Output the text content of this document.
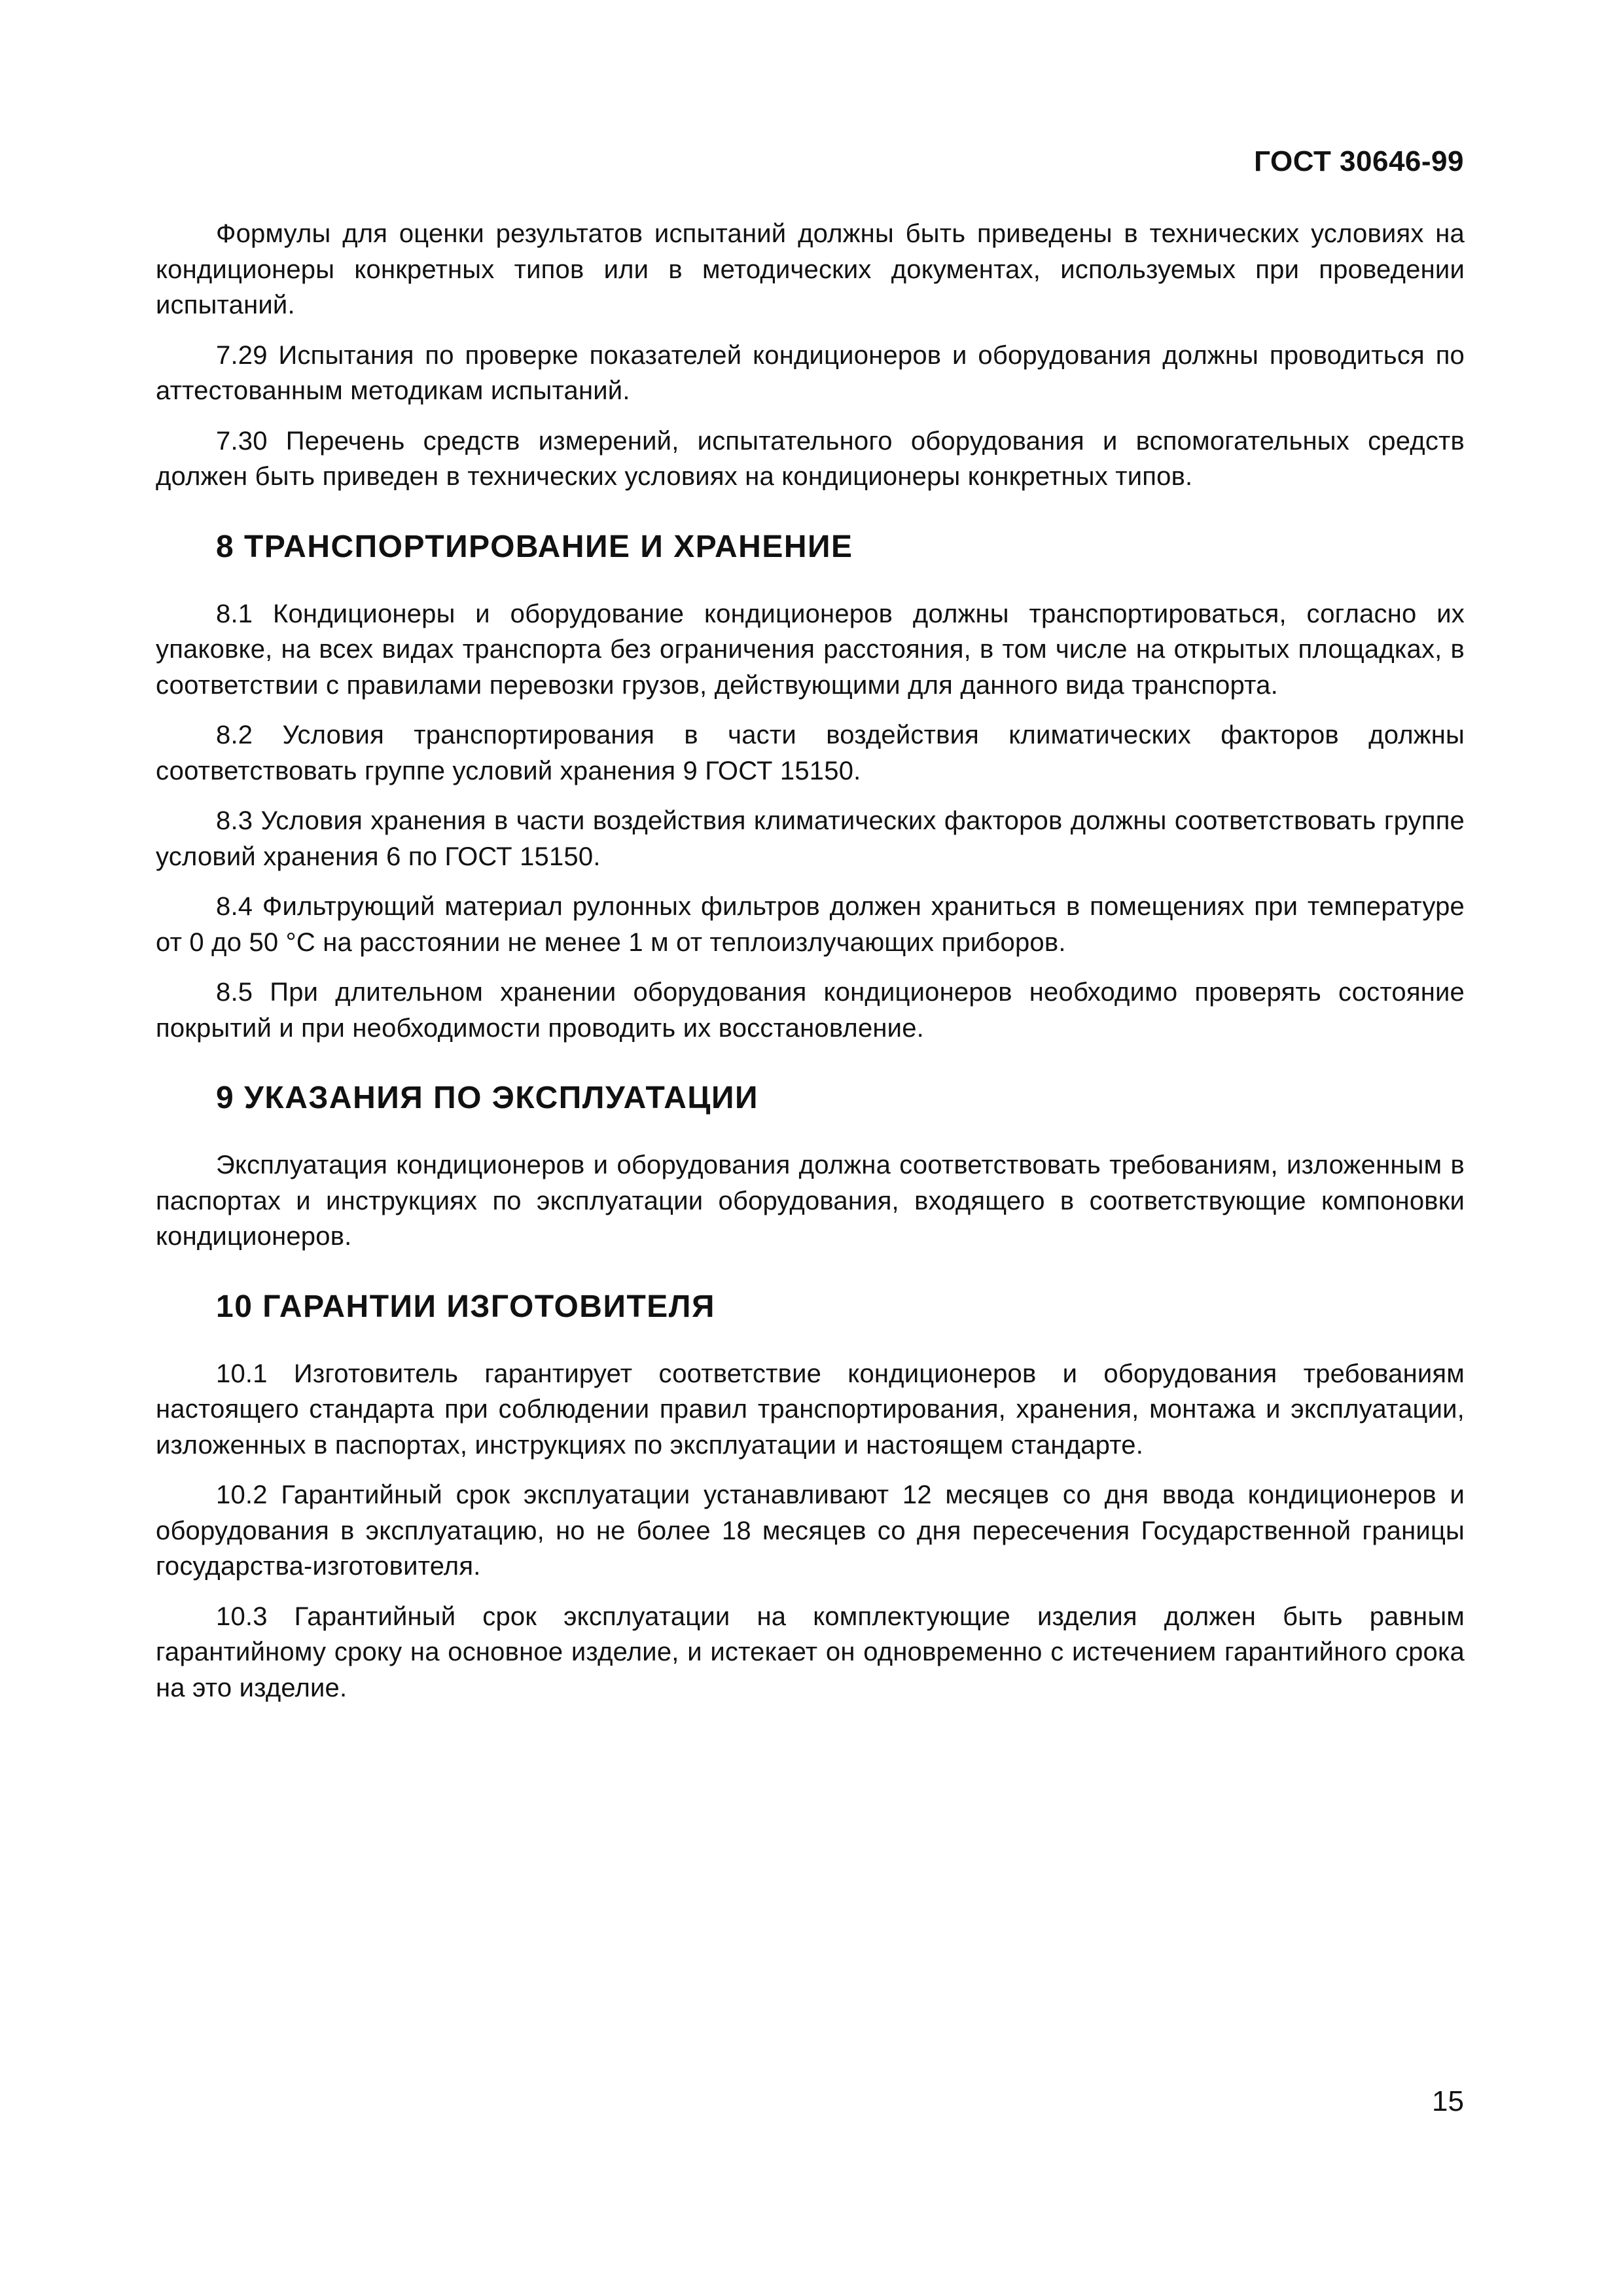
ГОСТ 30646-99

Формулы для оценки результатов испытаний должны быть приведены в технических условиях на кондиционеры конкретных типов или в методических документах, используемых при проведении испытаний.

7.29 Испытания по проверке показателей кондиционеров и оборудования должны проводиться по аттестованным методикам испытаний.

7.30 Перечень средств измерений, испытательного оборудования и вспомогательных средств должен быть приведен в технических условиях на кондиционеры конкретных типов.

8 ТРАНСПОРТИРОВАНИЕ И ХРАНЕНИЕ

8.1 Кондиционеры и оборудование кондиционеров должны транспортироваться, согласно их упаковке, на всех видах транспорта без ограничения расстояния, в том числе на открытых площадках, в соответствии с правилами перевозки грузов, действующими для данного вида транспорта.

8.2 Условия транспортирования в части воздействия климатических факторов должны соответствовать группе условий хранения 9 ГОСТ 15150.

8.3 Условия хранения в части воздействия климатических факторов должны соответствовать группе условий хранения 6 по ГОСТ 15150.

8.4 Фильтрующий материал рулонных фильтров должен храниться в помещениях при температуре от 0 до 50 °С на расстоянии не менее 1 м от теплоизлучающих приборов.

8.5 При длительном хранении оборудования кондиционеров необходимо проверять состояние покрытий и при необходимости проводить их восстановление.

9 УКАЗАНИЯ ПО ЭКСПЛУАТАЦИИ

Эксплуатация кондиционеров и оборудования должна соответствовать требованиям, изложенным в паспортах и инструкциях по эксплуатации оборудования, входящего в соответствующие компоновки кондиционеров.

10 ГАРАНТИИ ИЗГОТОВИТЕЛЯ

10.1 Изготовитель гарантирует соответствие кондиционеров и оборудования требованиям настоящего стандарта при соблюдении правил транспортирования, хранения, монтажа и эксплуатации, изложенных в паспортах, инструкциях по эксплуатации и настоящем стандарте.

10.2 Гарантийный срок эксплуатации устанавливают 12 месяцев со дня ввода кондиционеров и оборудования в эксплуатацию, но не более 18 месяцев со дня пересечения Государственной границы государства-изготовителя.

10.3 Гарантийный срок эксплуатации на комплектующие изделия должен быть равным гарантийному сроку на основное изделие, и истекает он одновременно с истечением гарантийного срока на это изделие.

15
